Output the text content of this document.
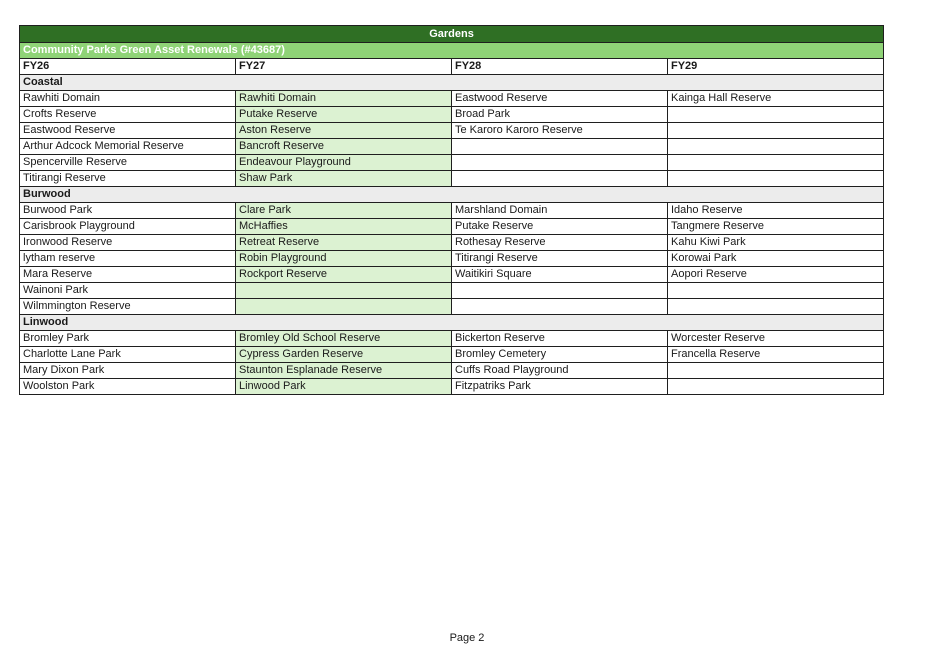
Gardens			
Community Parks Green Asset Renewals (#43687)			
FY26	FY27	FY28	FY29
Coastal			
Rawhiti Domain	Rawhiti Domain	Eastwood Reserve	Kainga Hall Reserve
Crofts Reserve	Putake Reserve	Broad Park	
Eastwood Reserve	Aston Reserve	Te Karoro Karoro Reserve	
Arthur Adcock Memorial Reserve	Bancroft Reserve		
Spencerville Reserve	Endeavour Playground		
Titirangi Reserve	Shaw Park		
Burwood			
Burwood Park	Clare Park	Marshland Domain	Idaho Reserve
Carisbrook Playground	McHaffies	Putake Reserve	Tangmere Reserve
Ironwood Reserve	Retreat Reserve	Rothesay Reserve	Kahu Kiwi Park
lytham reserve	Robin Playground	Titirangi Reserve	Korowai Park
Mara Reserve	Rockport Reserve	Waitikiri Square	Aopori Reserve
Wainoni Park			
Wilmmington Reserve			
Linwood			
Bromley Park	Bromley Old School Reserve	Bickerton Reserve	Worcester Reserve
Charlotte Lane Park	Cypress Garden Reserve	Bromley Cemetery	Francella Reserve
Mary Dixon Park	Staunton Esplanade Reserve	Cuffs Road Playground	
Woolston Park	Linwood Park	Fitzpatriks Park	
Page 2
